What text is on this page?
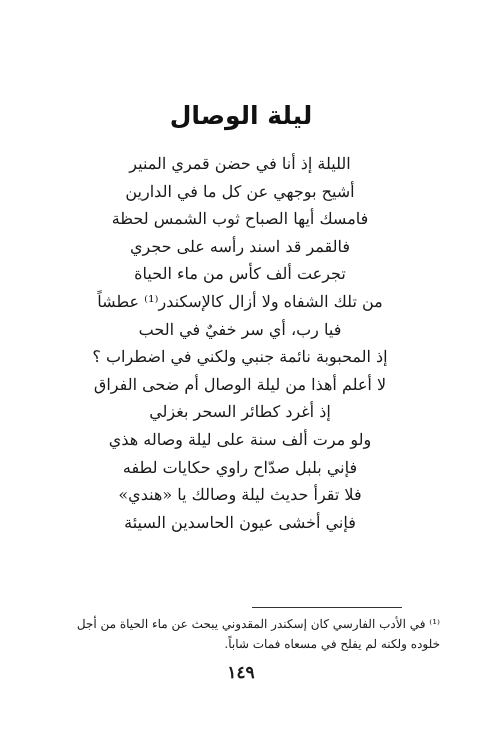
ليلة الوصال
الليلة إذ أنا في حضن قمري المنير
أشيح بوجهي عن كل ما في الدارين
فامسك أيها الصباح ثوب الشمس لحظة
فالقمر قد اسند رأسه على حجري
تجرعت ألف كأس من ماء الحياة
من تلك الشفاه ولا أزال كالإسكندر⁽¹⁾ عطشاً
فيا رب، أي سر خفيٌ في الحب
إذ المحبوبة نائمة جنبي ولكني في اضطراب ؟
لا أعلم أهذا من ليلة الوصال أم ضحى الفراق
إذ أغرد كطائر السحر بغزلي
ولو مرت ألف سنة على ليلة وصاله هذي
فإني بلبل صدّاح راوي حكايات لطفه
فلا تقرأ حديث ليلة وصالك يا «هندي»
فإني أخشى عيون الحاسدين السيئة

⁽¹⁾ في الأدب الفارسي كان إسكندر المقدوني يبحث عن ماء الحياة من أجل

خلوده ولكنه لم يفلح في مسعاه فمات شاباً.

١٤٩
